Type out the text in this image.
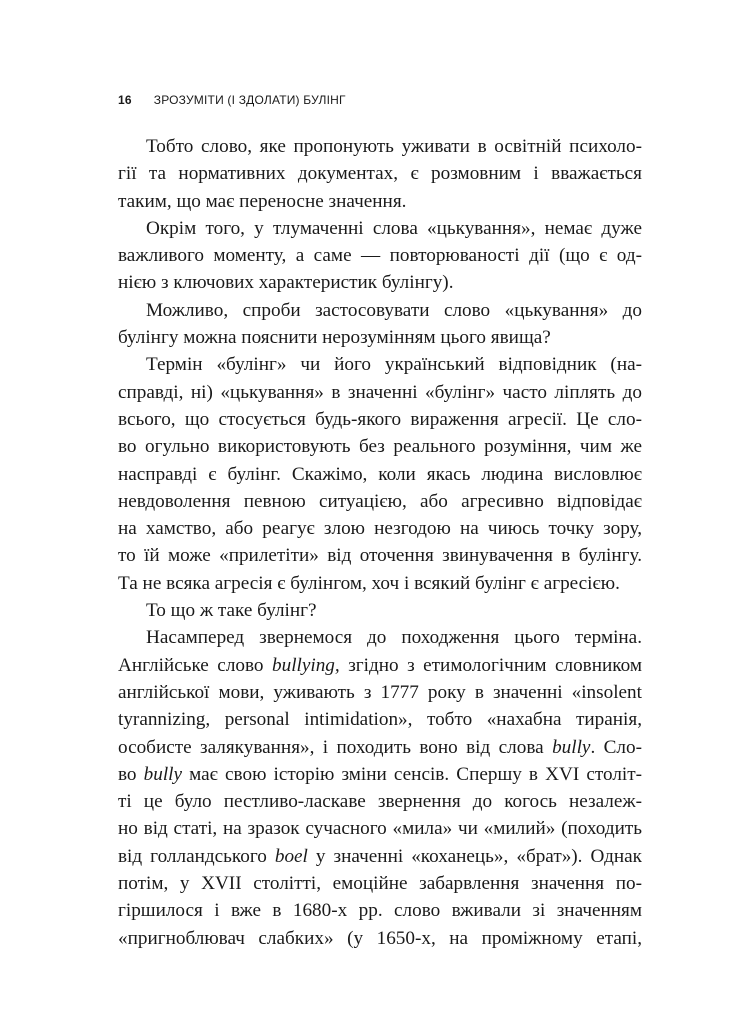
16 ЗРОЗУМІТИ (І ЗДОЛАТИ) БУЛІНГ
Тобто слово, яке пропонують уживати в освітній психоло-
гії та нормативних документах, є розмовним і вважається
таким, що має переносне значення.
Окрім того, у тлумаченні слова «цькування», немає дуже
важливого моменту, а саме — повторюваності дії (що є од-
нією з ключових характеристик булінгу).
Можливо, спроби застосовувати слово «цькування» до
булінгу можна пояснити нерозумінням цього явища?
Термін «булінг» чи його український відповідник (на-
справді, ні) «цькування» в значенні «булінг» часто ліплять до
всього, що стосується будь-якого вираження агресії. Це сло-
во огульно використовують без реального розуміння, чим же
насправді є булінг. Скажімо, коли якась людина висловлює
невдоволення певною ситуацією, або агресивно відповідає
на хамство, або реагує злою незгодою на чиюсь точку зору,
то їй може «прилетіти» від оточення звинувачення в булінгу.
Та не всяка агресія є булінгом, хоч і всякий булінг є агресією.
То що ж таке булінг?
Насамперед звернемося до походження цього терміна.
Англійське слово bullying, згідно з етимологічним словником
англійської мови, уживають з 1777 року в значенні «insolent
tyrannizing, personal intimidation», тобто «нахабна тиранія,
особисте залякування», і походить воно від слова bully. Сло-
во bully має свою історію зміни сенсів. Спершу в XVI століт-
ті це було пестливо-ласкаве звернення до когось незалеж-
но від статі, на зразок сучасного «мила» чи «милий» (походить
від голландського boel у значенні «коханець», «брат»). Однак
потім, у XVII столітті, емоційне забарвлення значення по-
гіршилося і вже в 1680-х рр. слово вживали зі значенням
«пригноблювач слабких» (у 1650-х, на проміжному етапі,
